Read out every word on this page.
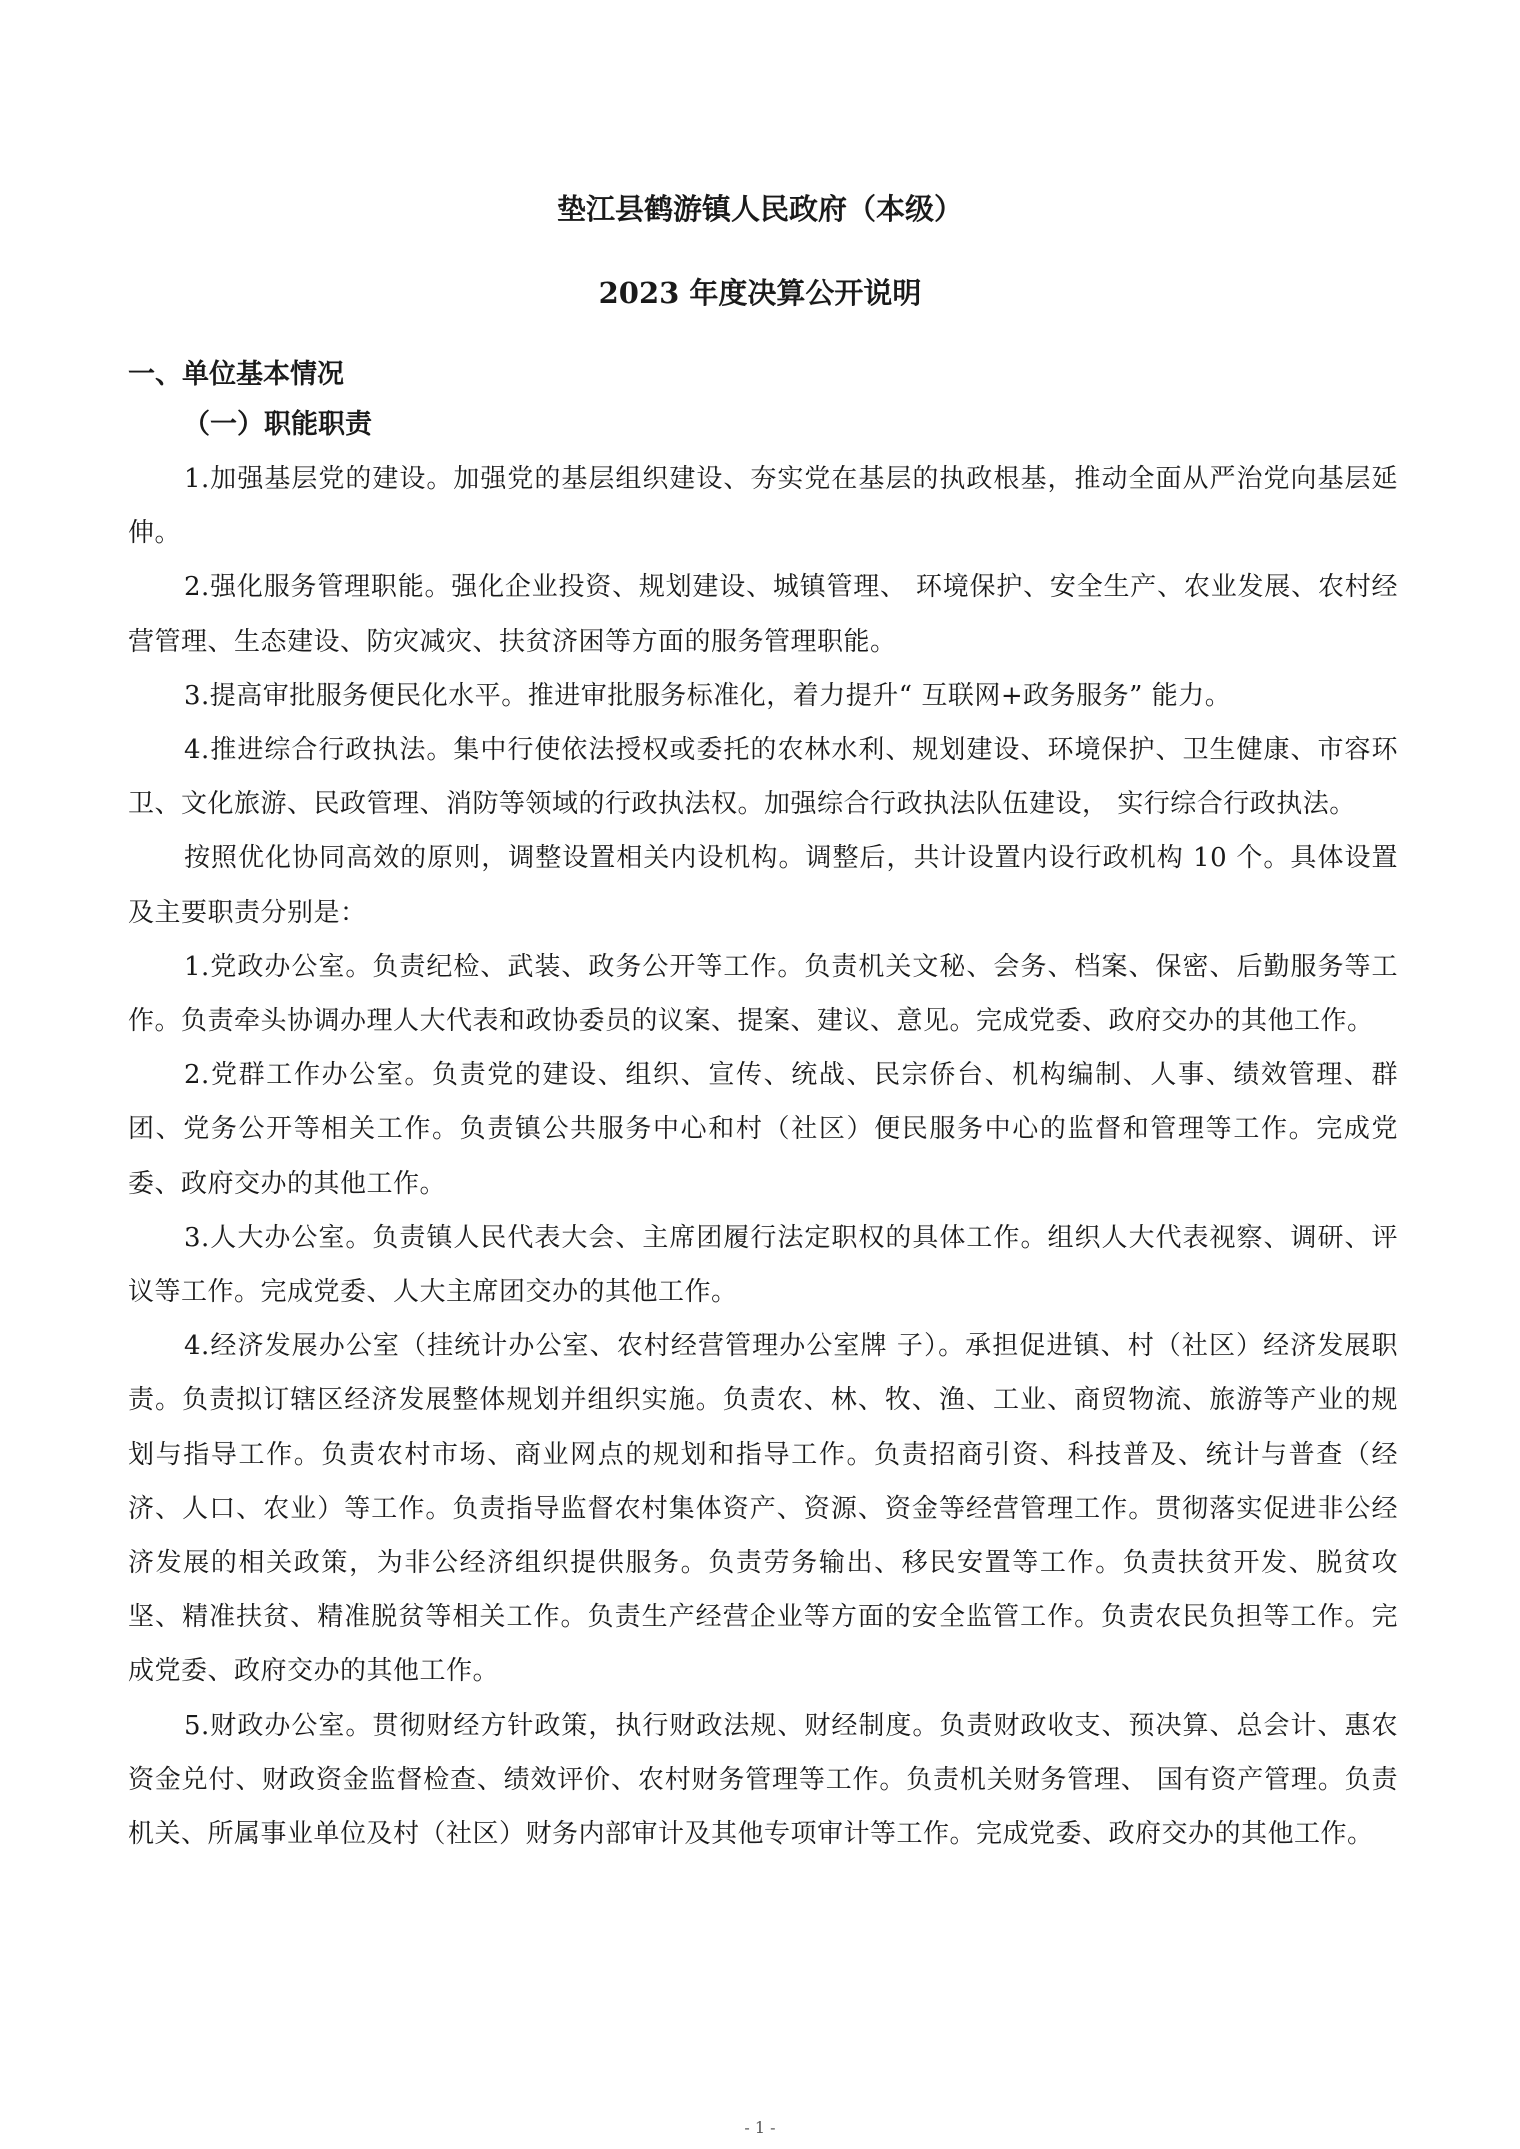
垫江县鹤游镇人民政府（本级）
2023 年度决算公开说明
一、单位基本情况
（一）职能职责

1.加强基层党的建设。加强党的基层组织建设、夯实党在基层的执政根基，推动全面从严治党向基层延伸。

2.强化服务管理职能。强化企业投资、规划建设、城镇管理、 环境保护、安全生产、农业发展、农村经营管理、生态建设、防灾减灾、扶贫济困等方面的服务管理职能。

3.提高审批服务便民化水平。推进审批服务标准化，着力提升“ 互联网+政务服务” 能力。

4.推进综合行政执法。集中行使依法授权或委托的农林水利、规划建设、环境保护、卫生健康、市容环卫、文化旅游、民政管理、消防等领域的行政执法权。加强综合行政执法队伍建设， 实行综合行政执法。

按照优化协同高效的原则，调整设置相关内设机构。调整后，共计设置内设行政机构 10 个。具体设置及主要职责分别是：

1.党政办公室。负责纪检、武装、政务公开等工作。负责机关文秘、会务、档案、保密、后勤服务等工作。负责牵头协调办理人大代表和政协委员的议案、提案、建议、意见。完成党委、政府交办的其他工作。

2.党群工作办公室。负责党的建设、组织、宣传、统战、民宗侨台、机构编制、人事、绩效管理、群团、党务公开等相关工作。负责镇公共服务中心和村（社区）便民服务中心的监督和管理等工作。完成党委、政府交办的其他工作。

3.人大办公室。负责镇人民代表大会、主席团履行法定职权的具体工作。组织人大代表视察、调研、评议等工作。完成党委、人大主席团交办的其他工作。

4.经济发展办公室（挂统计办公室、农村经营管理办公室牌 子）。承担促进镇、村（社区）经济发展职责。负责拟订辖区经济发展整体规划并组织实施。负责农、林、牧、渔、工业、商贸物流、旅游等产业的规划与指导工作。负责农村市场、商业网点的规划和指导工作。负责招商引资、科技普及、统计与普查（经济、人口、农业）等工作。负责指导监督农村集体资产、资源、资金等经营管理工作。贯彻落实促进非公经济发展的相关政策，为非公经济组织提供服务。负责劳务输出、移民安置等工作。负责扶贫开发、脱贫攻坚、精准扶贫、精准脱贫等相关工作。负责生产经营企业等方面的安全监管工作。负责农民负担等工作。完成党委、政府交办的其他工作。

5.财政办公室。贯彻财经方针政策，执行财政法规、财经制度。负责财政收支、预决算、总会计、惠农资金兑付、财政资金监督检查、绩效评价、农村财务管理等工作。负责机关财务管理、 国有资产管理。负责机关、所属事业单位及村（社区）财务内部审计及其他专项审计等工作。完成党委、政府交办的其他工作。

- 1 -
